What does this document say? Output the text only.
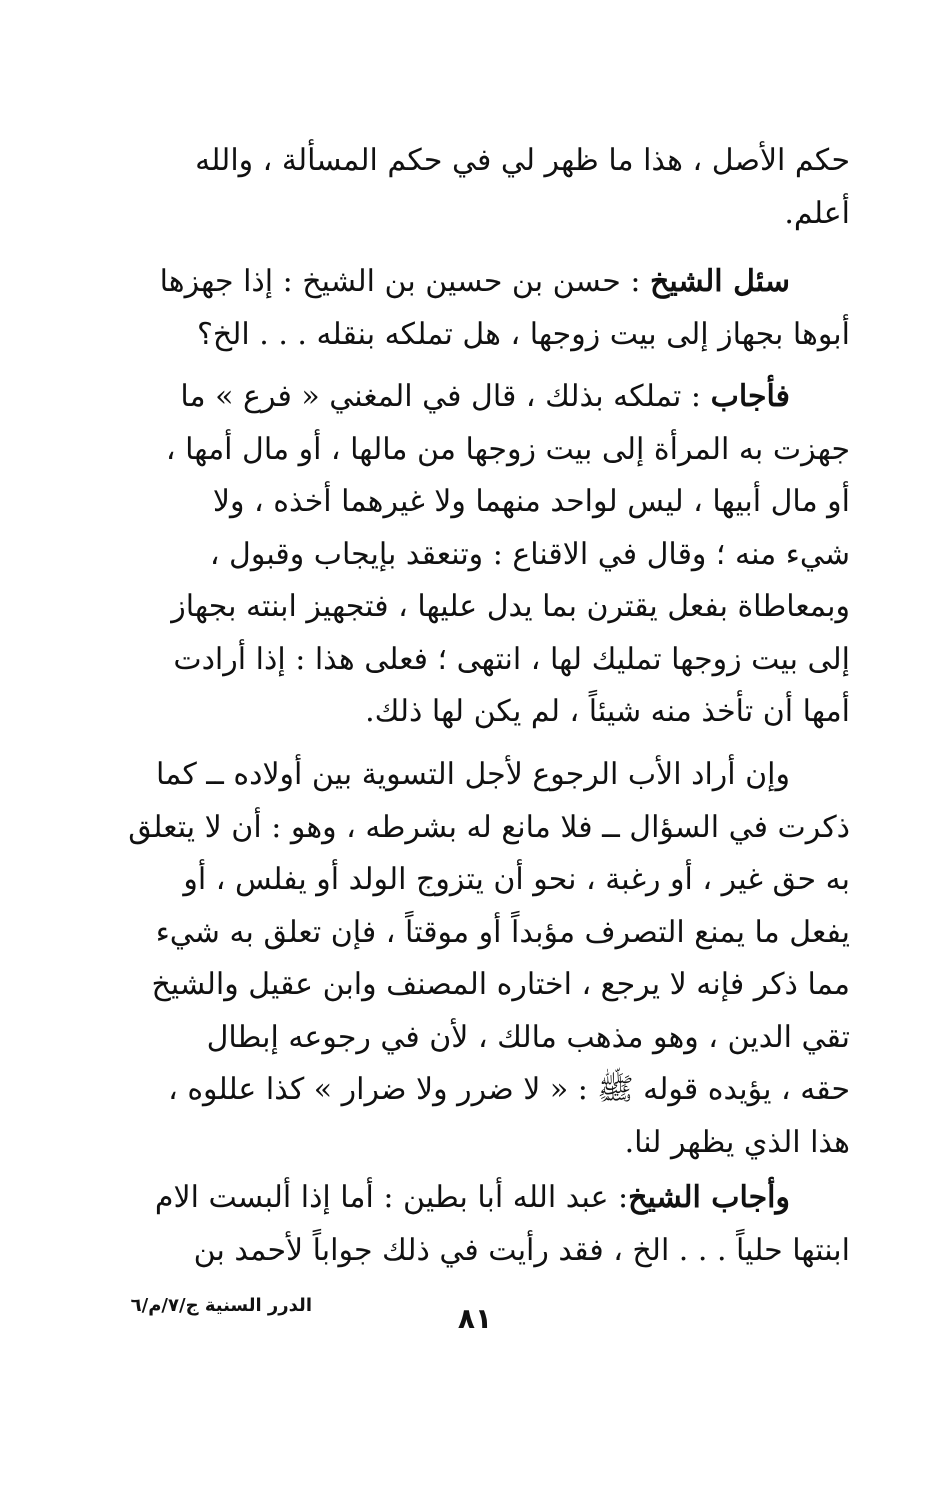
حكم الأصل ، هذا ما ظهر لي في حكم المسألة ، والله
أعلم.

سئل الشيخ : حسن بن حسين بن الشيخ : إذا جهزها
أبوها بجهاز إلى بيت زوجها ، هل تملكه بنقله . . . الخ؟

فأجاب : تملكه بذلك ، قال في المغني « فرع » ما
جهزت به المرأة إلى بيت زوجها من مالها ، أو مال أمها ،
أو مال أبيها ، ليس لواحد منهما ولا غيرهما أخذه ، ولا
شيء منه ؛ وقال في الاقناع : وتنعقد بإيجاب وقبول ،
وبمعاطاة بفعل يقترن بما يدل عليها ، فتجهيز ابنته بجهاز
إلى بيت زوجها تمليك لها ، انتهى ؛ فعلى هذا : إذا أرادت
أمها أن تأخذ منه شيئاً ، لم يكن لها ذلك.

وإن أراد الأب الرجوع لأجل التسوية بين أولاده ــ كما
ذكرت في السؤال ــ فلا مانع له بشرطه ، وهو : أن لا يتعلق
به حق غير ، أو رغبة ، نحو أن يتزوج الولد أو يفلس ، أو
يفعل ما يمنع التصرف مؤبداً أو موقتاً ، فإن تعلق به شيء
مما ذكر فإنه لا يرجع ، اختاره المصنف وابن عقيل والشيخ
تقي الدين ، وهو مذهب مالك ، لأن في رجوعه إبطال
حقه ، يؤيده قوله ﷺ : « لا ضرر ولا ضرار » كذا عللوه ،
هذا الذي يظهر لنا.

وأجاب الشيخ: عبد الله أبا بطين : أما إذا ألبست الام
ابنتها حلياً . . . الخ ، فقد رأيت في ذلك جواباً لأحمد بن

الدرر السنية ج/٧/م/٦	٨١
